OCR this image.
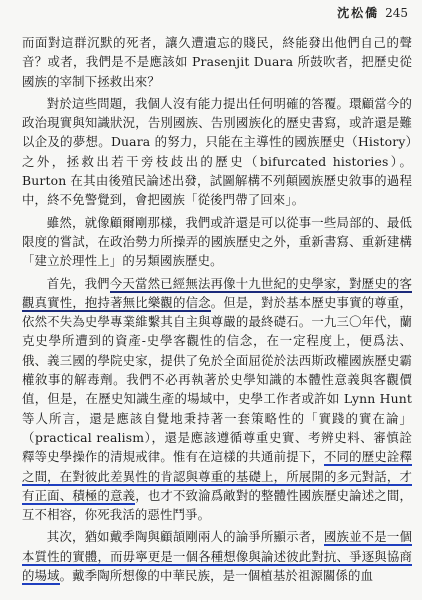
沈松僑 245

而面對這群沉默的死者，讓久遭遺忘的賤民，終能發出他們自己的聲音？或者，我們是不是應該如 Prasenjit Duara 所鼓吹者，把歷史從國族的宰制下拯救出來？

對於這些問題，我個人沒有能力提出任何明確的答覆。環顧當今的政治現實與知識狀況，告別國族、告別國族化的歷史書寫，或許還是難以企及的夢想。Duara 的努力，只能在主導性的國族歷史（History）之外，拯救出若干旁枝歧出的歷史（bifurcated histories）。Burton 在其由後殖民論述出發，試圖解構不列顛國族歷史敘事的過程中，終不免警覺到，會把國族「從後門帶了回來」。

雖然，就像顧爾剛那樣，我們或許還是可以從事一些局部的、最低限度的嘗試，在政治勢力所操弄的國族歷史之外，重新書寫、重新建構「建立於理性上」的另類國族歷史。

首先，我們今天當然已經無法再像十九世紀的史學家，對歷史的客觀真實性，抱持著無比樂觀的信念。但是，對於基本歷史事實的尊重，依然不失為史學專業維繫其自主與尊嚴的最終礎石。一九三〇年代，蘭克史學所遭到的資產-史學客觀性的信念，在一定程度上，便爲法、俄、義三國的學院史家，提供了免於全面屈從於法西斯政權國族歷史霸權敘事的解毒劑。我們不必再執著於史學知識的本體性意義與客觀價值，但是，在歷史知識生產的場域中，史學工作者或許如 Lynn Hunt 等人所言，還是應該自覺地秉持著一套策略性的「實踐的實在論」（practical realism），還是應該遵循尊重史實、考辨史料、審慎詮釋等史學操作的清規戒律。惟有在這樣的共通前提下，不同的歷史詮釋之間，在對彼此差異性的肯認與尊重的基礎上，所展開的多元對話，才有正面、積極的意義，也才不致淪爲敵對的整體性國族歷史論述之間，互不相容，你死我活的惡性鬥爭。

其次，猶如戴季陶與顧頡剛兩人的論爭所顯示者，國族並不是一個本質性的實體，而毋寧更是一個各種想像與論述彼此對抗、爭逐與協商的場域。戴季陶所想像的中華民族，是一個植基於祖源關係的血
